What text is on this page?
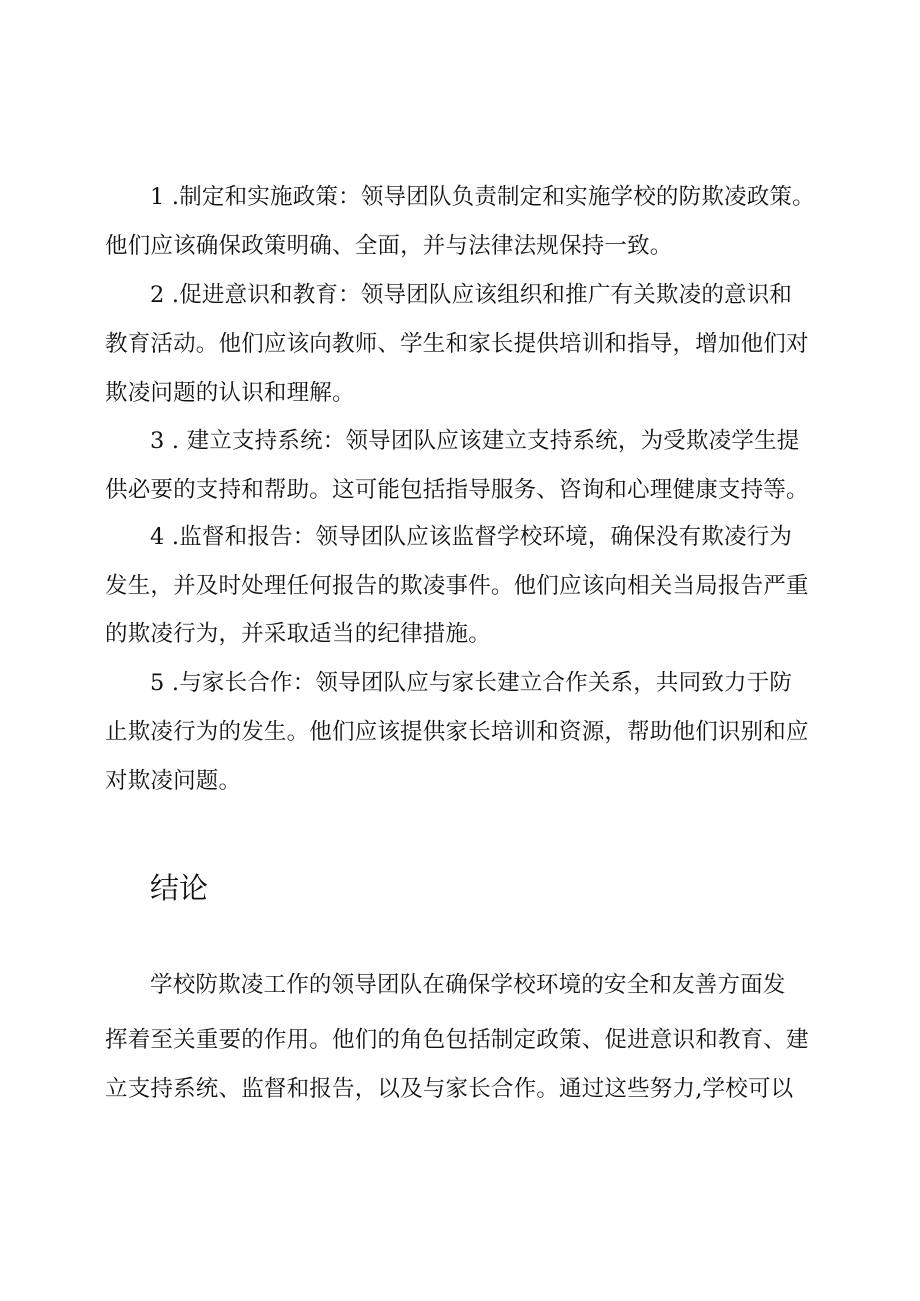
1 .制定和实施政策：领导团队负责制定和实施学校的防欺凌政策。
他们应该确保政策明确、全面，并与法律法规保持一致。
2 .促进意识和教育：领导团队应该组织和推广有关欺凌的意识和
教育活动。他们应该向教师、学生和家长提供培训和指导，增加他们对
欺凌问题的认识和理解。
3 . 建立支持系统：领导团队应该建立支持系统，为受欺凌学生提
供必要的支持和帮助。这可能包括指导服务、咨询和心理健康支持等。
4 .监督和报告：领导团队应该监督学校环境，确保没有欺凌行为
发生，并及时处理任何报告的欺凌事件。他们应该向相关当局报告严重
的欺凌行为，并采取适当的纪律措施。
5 .与家长合作：领导团队应与家长建立合作关系，共同致力于防
止欺凌行为的发生。他们应该提供家长培训和资源，帮助他们识别和应
对欺凌问题。
结论
学校防欺凌工作的领导团队在确保学校环境的安全和友善方面发
挥着至关重要的作用。他们的角色包括制定政策、促进意识和教育、建
立支持系统、监督和报告，以及与家长合作。通过这些努力,学校可以
